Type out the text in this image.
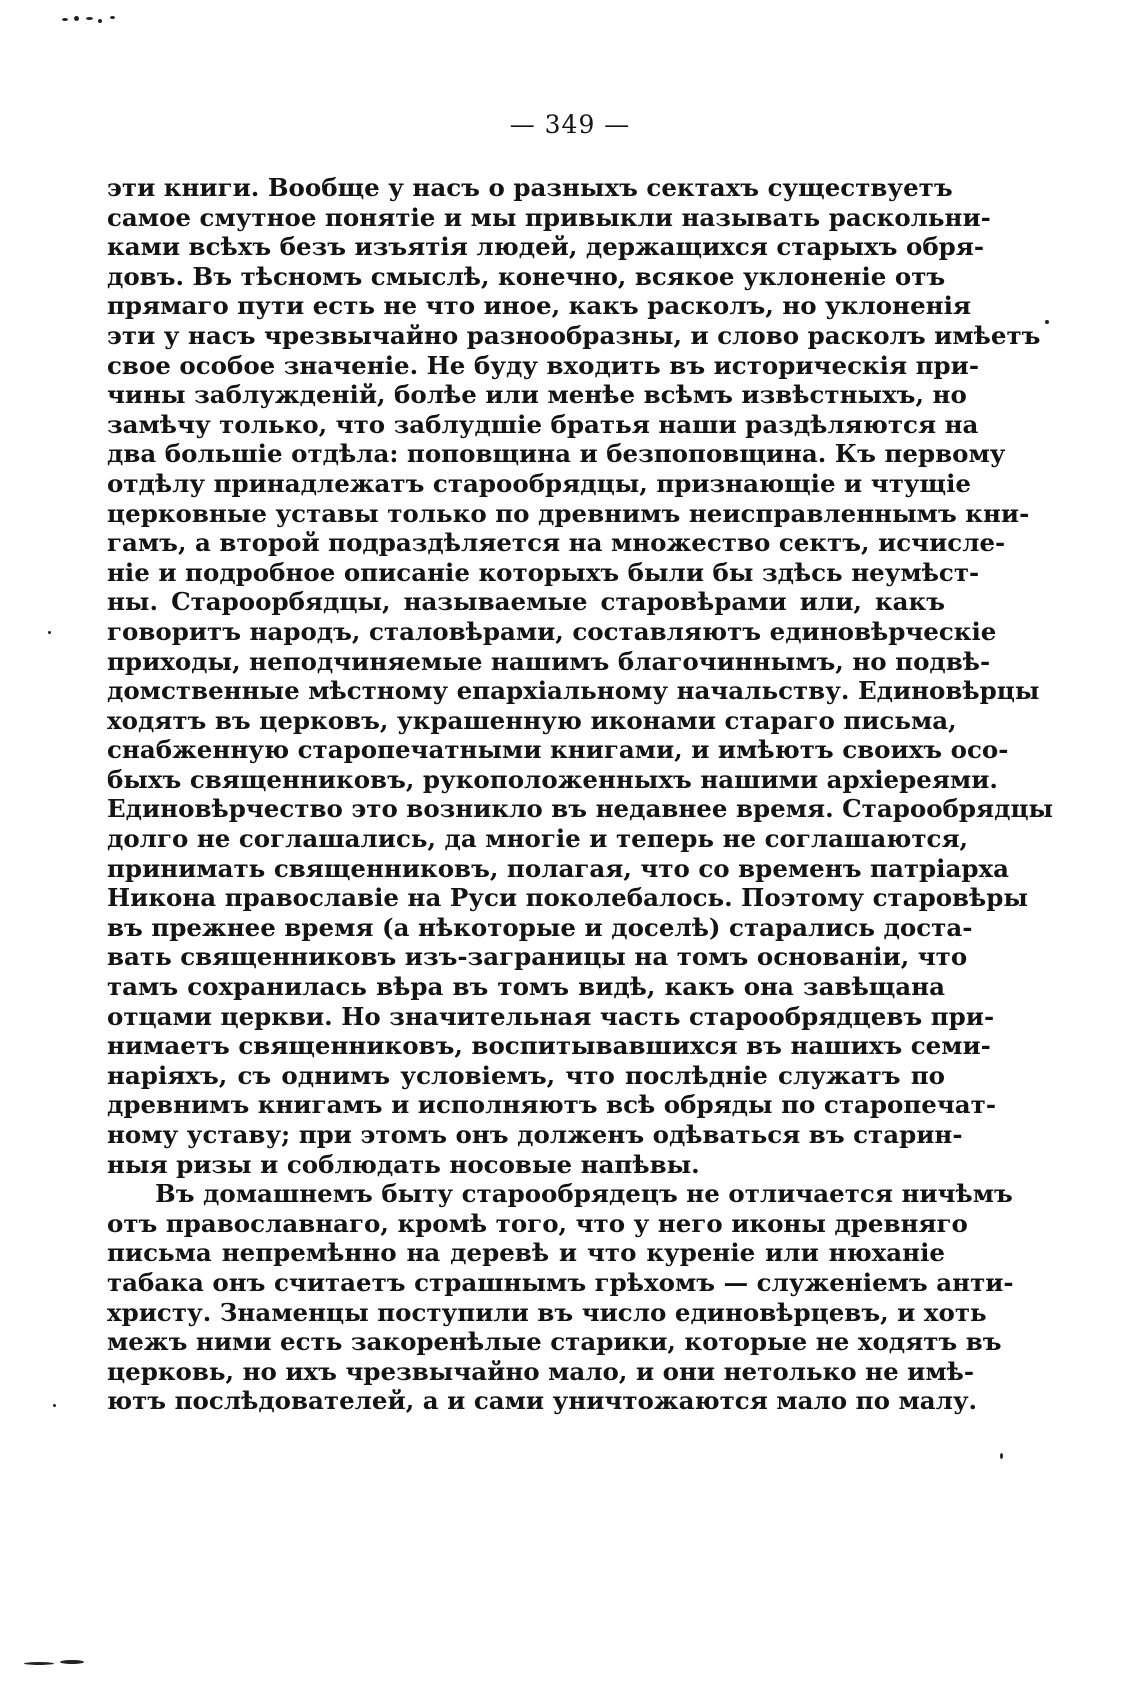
— 349 —
эти книги. Вообще у насъ о разныхъ сектахъ существуетъ
самое смутное понятіе и мы привыкли называть раскольни-
ками всѣхъ безъ изъятія людей, держащихся старыхъ обря-
довъ. Въ тѣсномъ смыслѣ, конечно, всякое уклоненіе отъ
прямаго пути есть не что иное, какъ расколъ, но уклоненія
эти у насъ чрезвычайно разнообразны, и слово расколъ имѣетъ
свое особое значеніе. Не буду входить въ историческія при-
чины заблужденій, болѣе или менѣе всѣмъ извѣстныхъ, но
замѣчу только, что заблудшіе братья наши раздѣляются на
два большіе отдѣла: поповщина и безпоповщина. Къ первому
отдѣлу принадлежатъ старообрядцы, признающіе и чтущіе
церковные уставы только по древнимъ неисправленнымъ кни-
гамъ, а второй подраздѣляется на множество сектъ, исчисле-
ніе и подробное описаніе которыхъ были бы здѣсь неумѣст-
ны. Староорбядцы, называемые старовѣрами или, какъ
говоритъ народъ, сталовѣрами, составляютъ единовѣрческіе
приходы, неподчиняемые нашимъ благочиннымъ, но подвѣ-
домственные мѣстному епархіальному начальству. Единовѣрцы
ходятъ въ церковъ, украшенную иконами стараго письма,
снабженную старопечатными книгами, и имѣютъ своихъ осо-
быхъ священниковъ, рукоположенныхъ нашими архіереями.
Единовѣрчество это возникло въ недавнее время. Старообрядцы
долго не соглашались, да многіе и теперь не соглашаются,
принимать священниковъ, полагая, что со временъ патріарха
Никона православіе на Руси поколебалось. Поэтому старовѣры
въ прежнее время (а нѣкоторые и доселѣ) старались доста-
вать священниковъ изъ-заграницы на томъ основаніи, что
тамъ сохранилась вѣра въ томъ видѣ, какъ она завѣщана
отцами церкви. Но значительная часть старообрядцевъ при-
нимаетъ священниковъ, воспитывавшихся въ нашихъ семи-
наріяхъ, съ однимъ условіемъ, что послѣдніе служатъ по
древнимъ книгамъ и исполняютъ всѣ обряды по старопечат-
ному уставу; при этомъ онъ долженъ одѣваться въ старин-
ныя ризы и соблюдать носовые напѣвы.
Въ домашнемъ быту старообрядецъ не отличается ничѣмъ
отъ православнаго, кромѣ того, что у него иконы древняго
письма непремѣнно на деревѣ и что куреніе или нюханіе
табака онъ считаетъ страшнымъ грѣхомъ — служеніемъ анти-
христу. Знаменцы поступили въ число единовѣрцевъ, и хоть
межъ ними есть закоренѣлые старики, которые не ходятъ въ
церковь, но ихъ чрезвычайно мало, и они нетолько не имѣ-
ютъ послѣдователей, а и сами уничтожаются мало по малу.
